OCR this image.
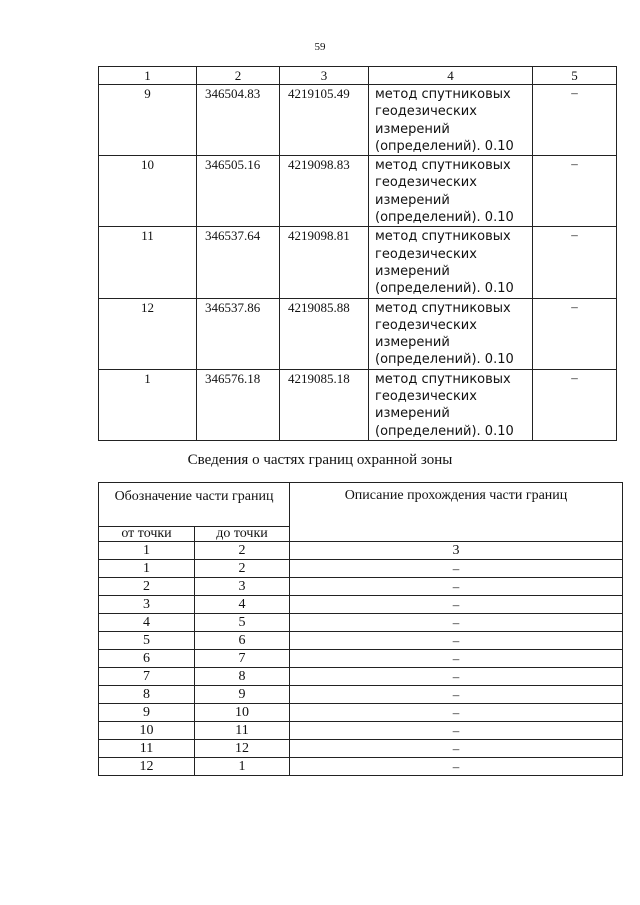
59
1	2	3	4	5
9	346504.83	4219105.49	метод спутниковых
геодезических
измерений
(определений). 0.10	–
10	346505.16	4219098.83	метод спутниковых
геодезических
измерений
(определений). 0.10	–
11	346537.64	4219098.81	метод спутниковых
геодезических
измерений
(определений). 0.10	–
12	346537.86	4219085.88	метод спутниковых
геодезических
измерений
(определений). 0.10	–
1	346576.18	4219085.18	метод спутниковых
геодезических
измерений
(определений). 0.10	–
Сведения о частях границ охранной зоны
Обозначение части границ		Описание прохождения части границ
от точки	до точки	
1	2	3
1	2	–
2	3	–
3	4	–
4	5	–
5	6	–
6	7	–
7	8	–
8	9	–
9	10	–
10	11	–
11	12	–
12	1	–
